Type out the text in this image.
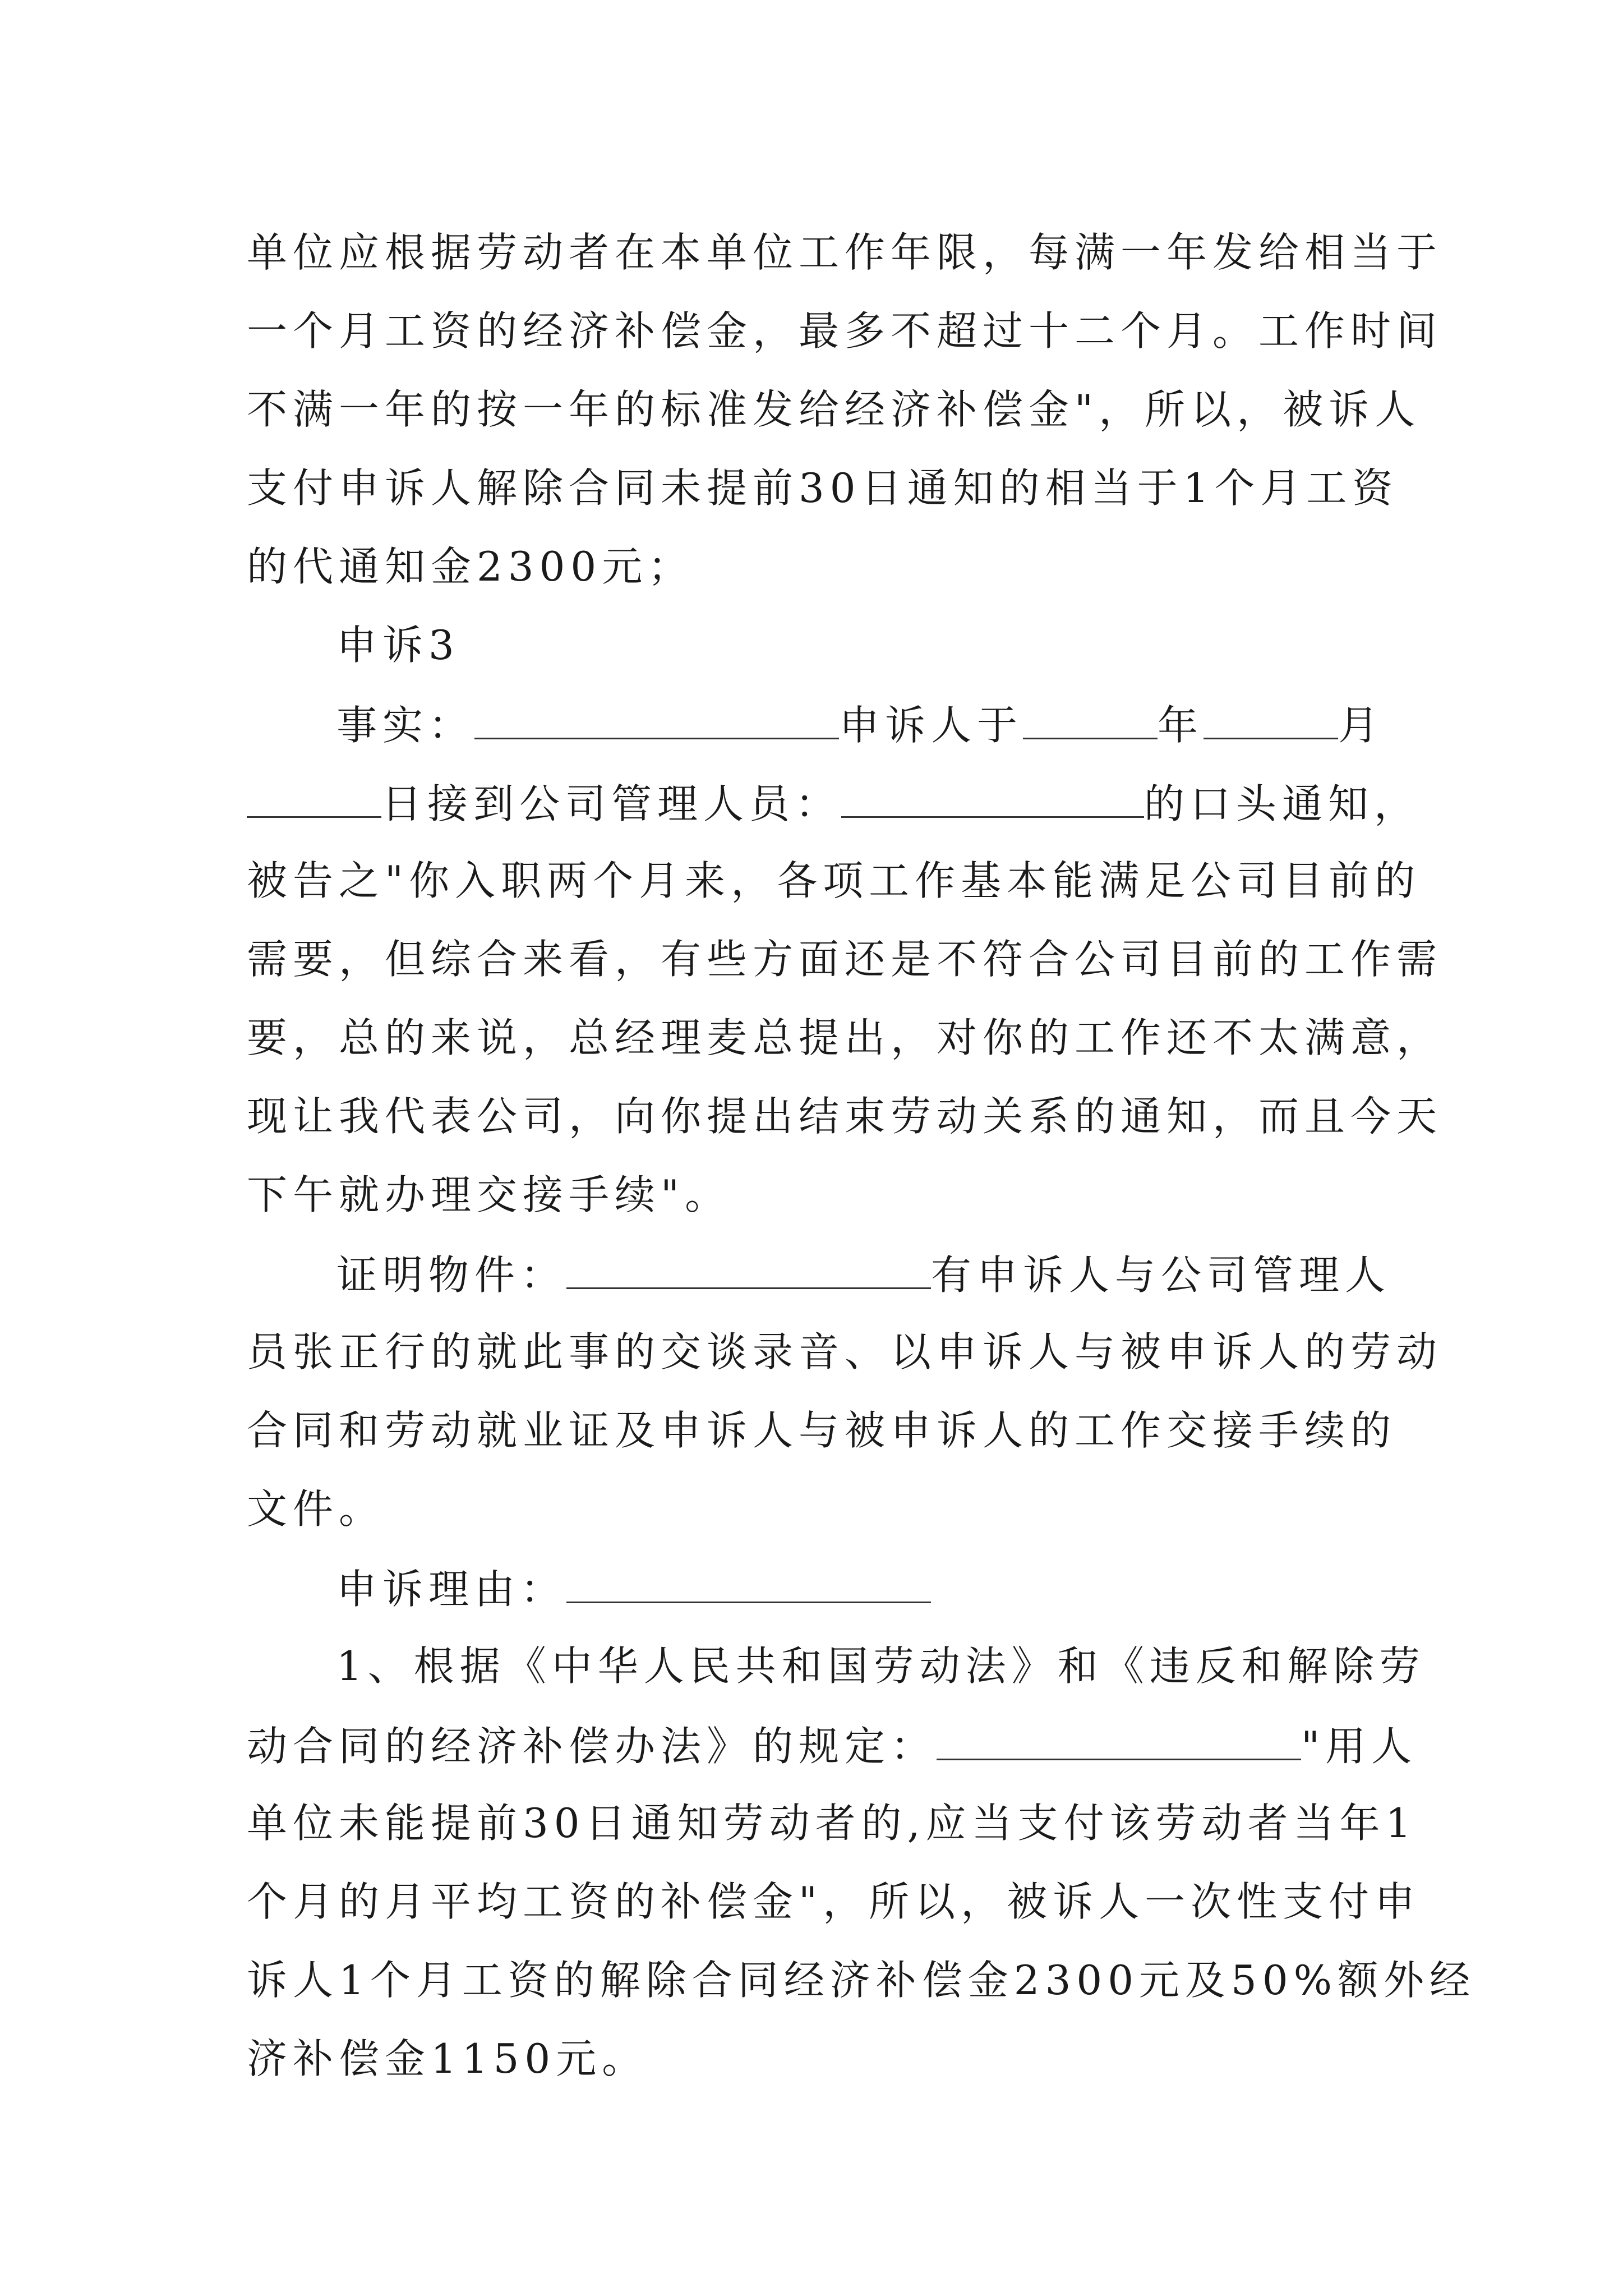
单位应根据劳动者在本单位工作年限，每满一年发给相当于
一个月工资的经济补偿金，最多不超过十二个月。工作时间
不满一年的按一年的标准发给经济补偿金"，所以，被诉人
支付申诉人解除合同未提前30日通知的相当于1个月工资
的代通知金2300元；
申诉3
事实：	申诉人于	年	月
日接到公司管理人员：	的口头通知，
被告之"你入职两个月来，各项工作基本能满足公司目前的
需要，但综合来看，有些方面还是不符合公司目前的工作需
要，总的来说，总经理麦总提出，对你的工作还不太满意，
现让我代表公司，向你提出结束劳动关系的通知，而且今天
下午就办理交接手续"。
证明物件：	有申诉人与公司管理人
员张正行的就此事的交谈录音、以申诉人与被申诉人的劳动
合同和劳动就业证及申诉人与被申诉人的工作交接手续的
文件。
申诉理由：
1、根据《中华人民共和国劳动法》和《违反和解除劳
动合同的经济补偿办法》的规定：	"用人
单位未能提前30日通知劳动者的,应当支付该劳动者当年1
个月的月平均工资的补偿金"，所以，被诉人一次性支付申
诉人1个月工资的解除合同经济补偿金2300元及50%额外经
济补偿金1150元。
